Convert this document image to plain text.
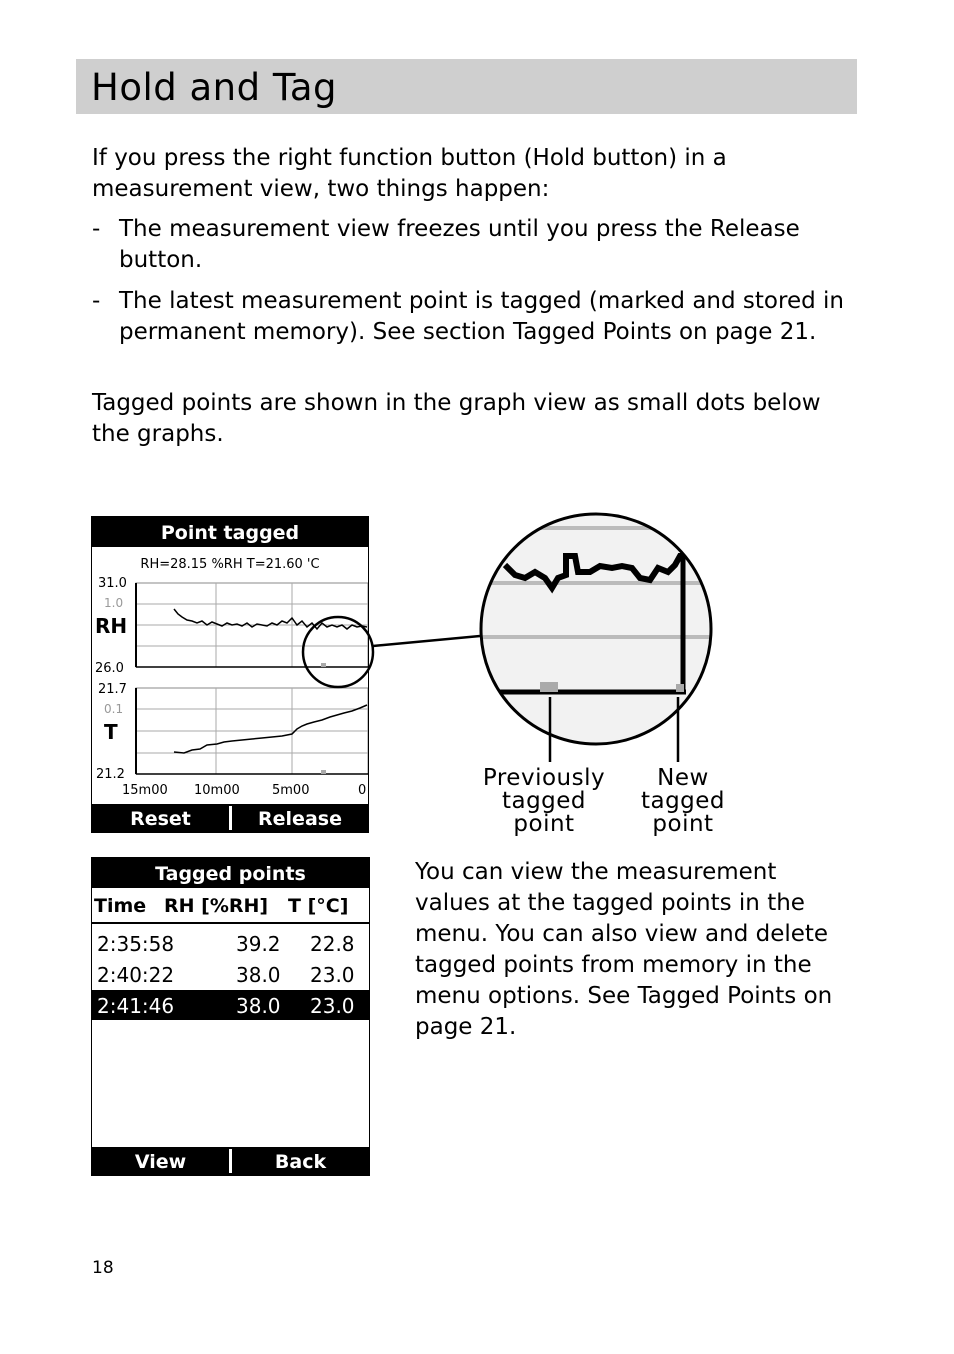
Hold and Tag
If you press the right function button (Hold button) in a measurement view, two things happen:
- The measurement view freezes until you press the Release button.
- The latest measurement point is tagged (marked and stored in permanent memory). See section Tagged Points on page 21.
Tagged points are shown in the graph view as small dots below the graphs.
Point tagged
RH=28.15 %RH T=21.60 'C
31.0
1.0
RH
26.0
21.7
0.1
T
21.2
15m00 10m00 5m00	0
Reset	Release
Previously
tagged
point
New
tagged
point
Tagged points
Time RH [%RH] T [°C]
2:35:58	39.2 22.8
2:40:22	38.0 23.0
2:41:46	38.0 23.0
View	Back
You can view the measurement values at the tagged points in the menu. You can also view and delete tagged points from memory in the menu options. See Tagged Points on page 21.
18
